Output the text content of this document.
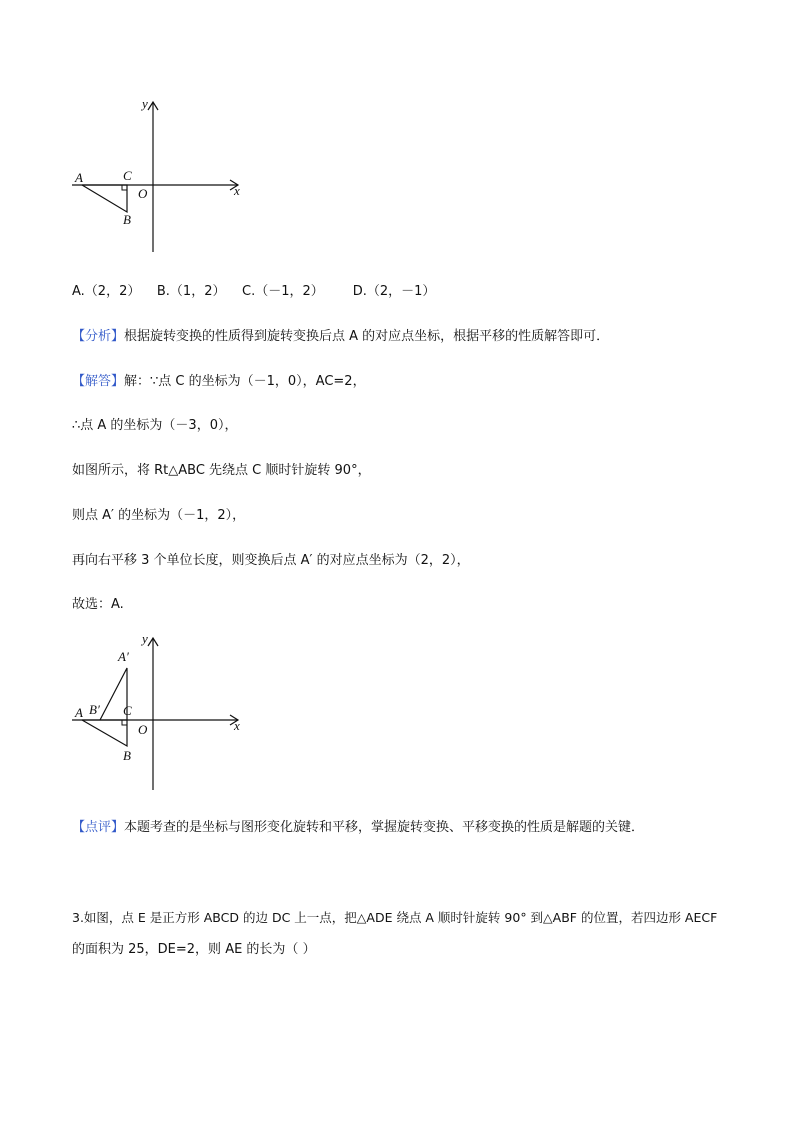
y
x
A	C
O
B
A.（2，2） B.（1，2） C.（－1，2） D.（2，－1）
【分析】根据旋转变换的性质得到旋转变换后点 A 的对应点坐标，根据平移的性质解答即可．
【解答】解：∵点 C 的坐标为（－1，0），AC=2，
∴点 A 的坐标为（－3，0），
如图所示，将 Rt△ABC 先绕点 C 顺时针旋转 90°，
则点 A′ 的坐标为（－1，2），
再向右平移 3 个单位长度，则变换后点 A′ 的对应点坐标为（2，2），
故选：A.
y
x
A′
A B′ C
O
B
【点评】本题考查的是坐标与图形变化旋转和平移，掌握旋转变换、平移变换的性质是解题的关键．
3.如图，点 E 是正方形 ABCD 的边 DC 上一点，把△ADE 绕点 A 顺时针旋转 90° 到△ABF 的位置，若四边形 AECF
的面积为 25，DE=2，则 AE 的长为（ ）
